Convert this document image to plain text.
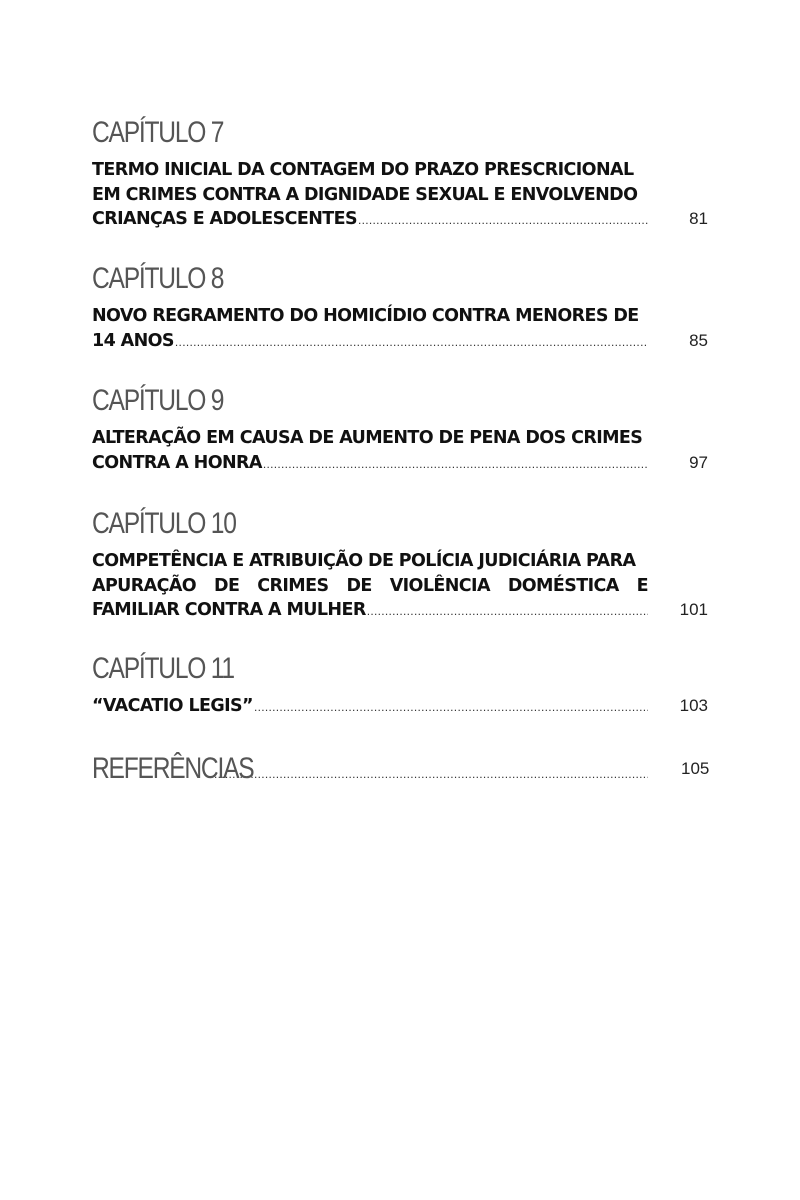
CAPÍTULO 7
TERMO INICIAL DA CONTAGEM DO PRAZO PRESCRICIONAL
EM CRIMES CONTRA A DIGNIDADE SEXUAL E ENVOLVENDO
CRIANÇAS E ADOLESCENTES .....	81
CAPÍTULO 8
NOVO REGRAMENTO DO HOMICÍDIO CONTRA MENORES DE
14 ANOS .....	85
CAPÍTULO 9
ALTERAÇÃO EM CAUSA DE AUMENTO DE PENA DOS CRIMES
CONTRA A HONRA .....	97
CAPÍTULO 10
COMPETÊNCIA E ATRIBUIÇÃO DE POLÍCIA JUDICIÁRIA PARA
APURAÇÃO DE CRIMES DE VIOLÊNCIA DOMÉSTICA E
FAMILIAR CONTRA A MULHER .....	101
CAPÍTULO 11
“VACATIO LEGIS” .....	103
REFERÊNCIAS .....	105
